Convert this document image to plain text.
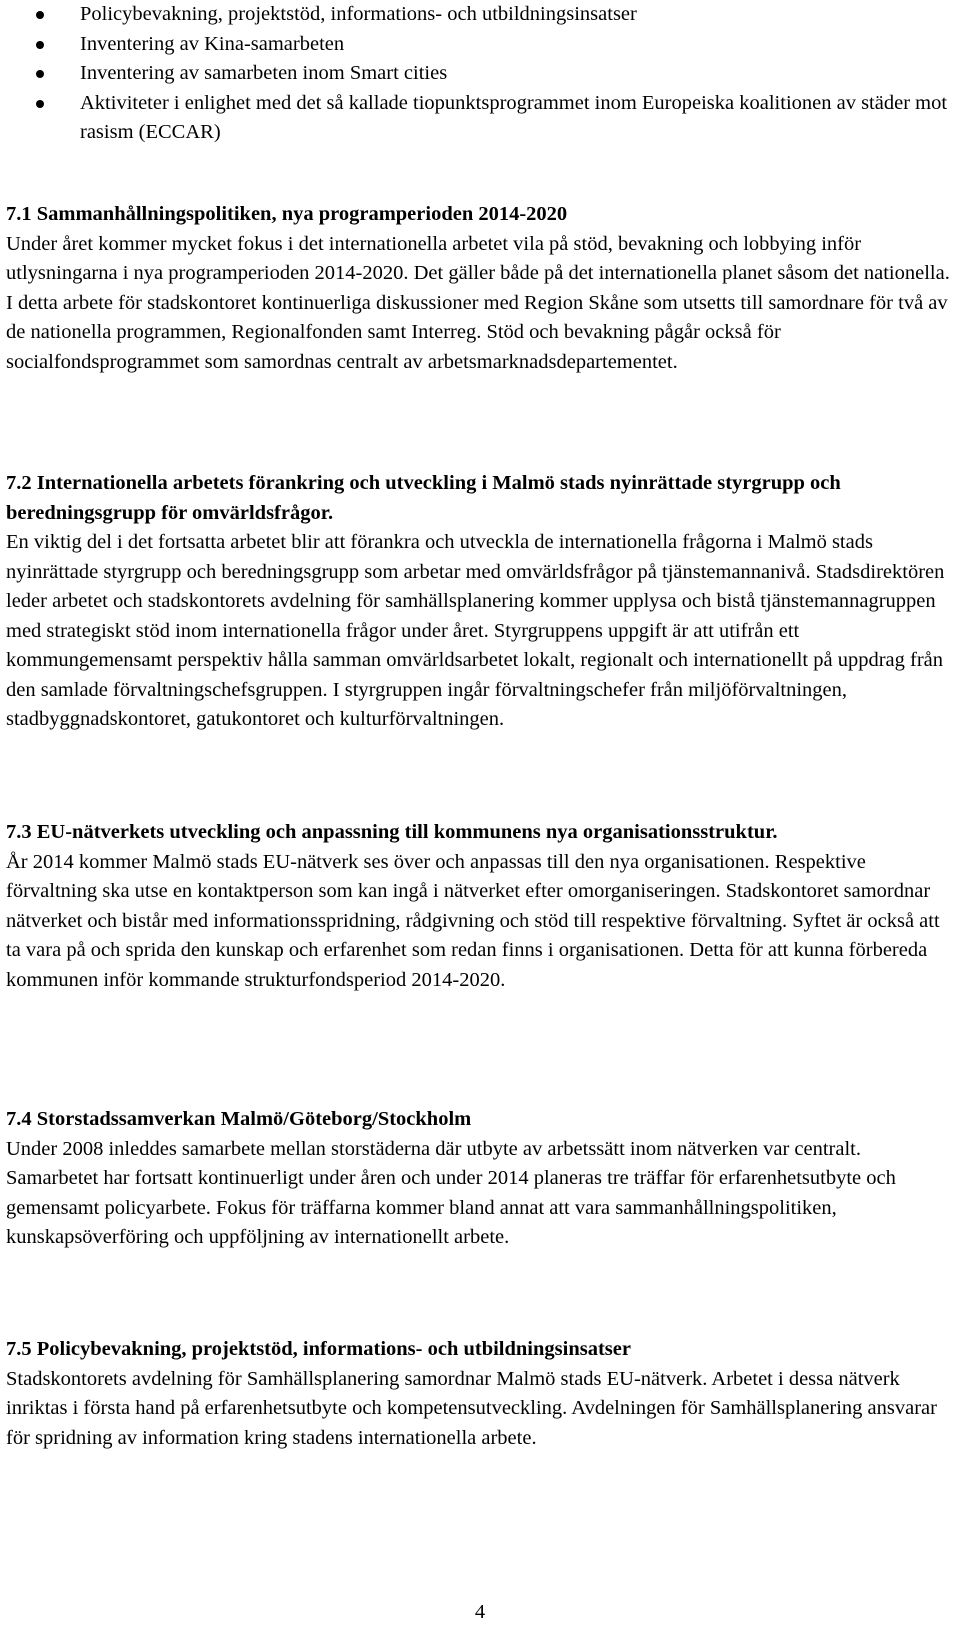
Policybevakning, projektstöd, informations- och utbildningsinsatser
Inventering av Kina-samarbeten
Inventering av samarbeten inom Smart cities
Aktiviteter i enlighet med det så kallade tiopunktsprogrammet inom Europeiska koalitionen av städer mot rasism (ECCAR)
7.1 Sammanhållningspolitiken, nya programperioden 2014-2020

Under året kommer mycket fokus i det internationella arbetet vila på stöd, bevakning och lobbying inför utlysningarna i nya programperioden 2014-2020. Det gäller både på det internationella planet såsom det nationella. I detta arbete för stadskontoret kontinuerliga diskussioner med Region Skåne som utsetts till samordnare för två av de nationella programmen, Regionalfonden samt Interreg. Stöd och bevakning pågår också för socialfondsprogrammet som samordnas centralt av arbetsmarknadsdepartementet.

7.2 Internationella arbetets förankring och utveckling i Malmö stads nyinrättade styrgrupp och beredningsgrupp för omvärldsfrågor.

En viktig del i det fortsatta arbetet blir att förankra och utveckla de internationella frågorna i Malmö stads nyinrättade styrgrupp och beredningsgrupp som arbetar med omvärldsfrågor på tjänstemannanivå. Stadsdirektören leder arbetet och stadskontorets avdelning för samhällsplanering kommer upplysa och bistå tjänstemannagruppen med strategiskt stöd inom internationella frågor under året. Styrgruppens uppgift är att utifrån ett kommungemensamt perspektiv hålla samman omvärldsarbetet lokalt, regionalt och internationellt på uppdrag från den samlade förvaltningschefsgruppen. I styrgruppen ingår förvaltningschefer från miljöförvaltningen, stadbyggnadskontoret, gatukontoret och kulturförvaltningen.

7.3 EU-nätverkets utveckling och anpassning till kommunens nya organisationsstruktur.

År 2014 kommer Malmö stads EU-nätverk ses över och anpassas till den nya organisationen. Respektive förvaltning ska utse en kontaktperson som kan ingå i nätverket efter omorganiseringen. Stadskontoret samordnar nätverket och bistår med informationsspridning, rådgivning och stöd till respektive förvaltning. Syftet är också att ta vara på och sprida den kunskap och erfarenhet som redan finns i organisationen. Detta för att kunna förbereda kommunen inför kommande strukturfondsperiod 2014-2020.

7.4 Storstadssamverkan Malmö/Göteborg/Stockholm

Under 2008 inleddes samarbete mellan storstäderna där utbyte av arbetssätt inom nätverken var centralt. Samarbetet har fortsatt kontinuerligt under åren och under 2014 planeras tre träffar för erfarenhetsutbyte och gemensamt policyarbete. Fokus för träffarna kommer bland annat att vara sammanhållningspolitiken, kunskapsöverföring och uppföljning av internationellt arbete.

7.5 Policybevakning, projektstöd, informations- och utbildningsinsatser

Stadskontorets avdelning för Samhällsplanering samordnar Malmö stads EU-nätverk. Arbetet i dessa nätverk inriktas i första hand på erfarenhetsutbyte och kompetensutveckling. Avdelningen för Samhällsplanering ansvarar för spridning av information kring stadens internationella arbete.

4
